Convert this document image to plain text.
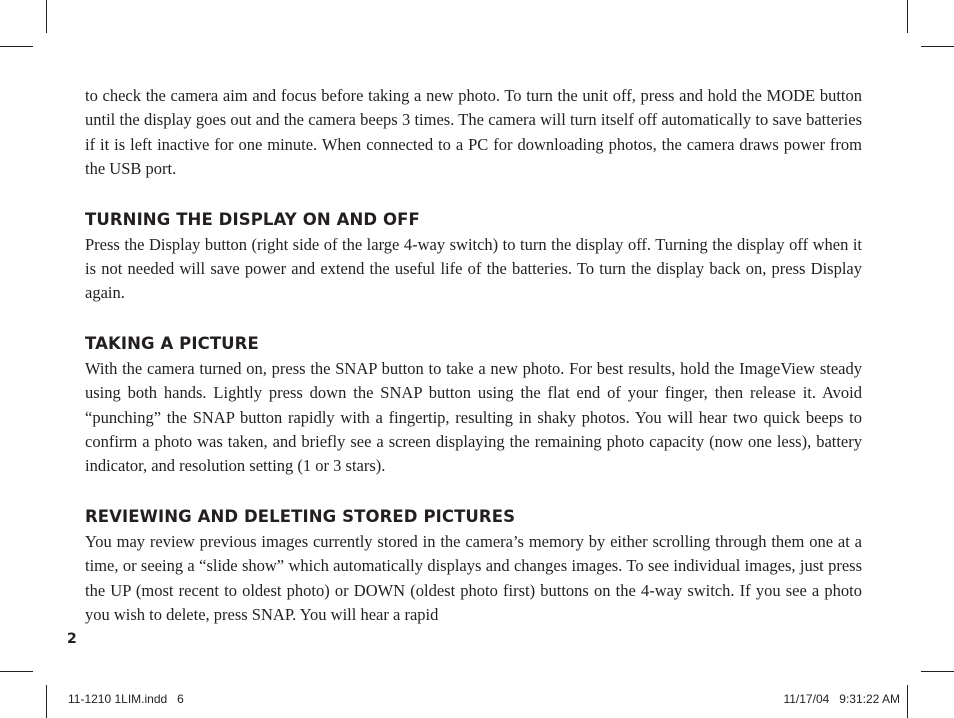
to check the camera aim and focus before taking a new photo. To turn the unit off, press and hold the MODE button until the display goes out and the camera beeps 3 times. The camera will turn itself off automatically to save batteries if it is left inactive for one minute. When connected to a PC for downloading photos, the camera draws power from the USB port.

TURNING THE DISPLAY ON AND OFF

Press the Display button (right side of the large 4-way switch) to turn the display off. Turning the display off when it is not needed will save power and extend the useful life of the batteries. To turn the display back on, press Display again.

TAKING A PICTURE

With the camera turned on, press the SNAP button to take a new photo. For best results, hold the ImageView steady using both hands. Lightly press down the SNAP button using the flat end of your finger, then release it. Avoid “punching” the SNAP button rapidly with a fingertip, resulting in shaky photos. You will hear two quick beeps to confirm a photo was taken, and briefly see a screen displaying the remaining photo capacity (now one less), battery indicator, and resolution setting (1 or 3 stars).

REVIEWING AND DELETING STORED PICTURES

You may review previous images currently stored in the camera’s memory by either scrolling through them one at a time, or seeing a “slide show” which automatically displays and changes images. To see individual images, just press the UP (most recent to oldest photo) or DOWN (oldest photo first) buttons on the 4-way switch. If you see a photo you wish to delete, press SNAP. You will hear a rapid

2
11-1210 1LIM.indd   6	11/17/04   9:31:22 AM
